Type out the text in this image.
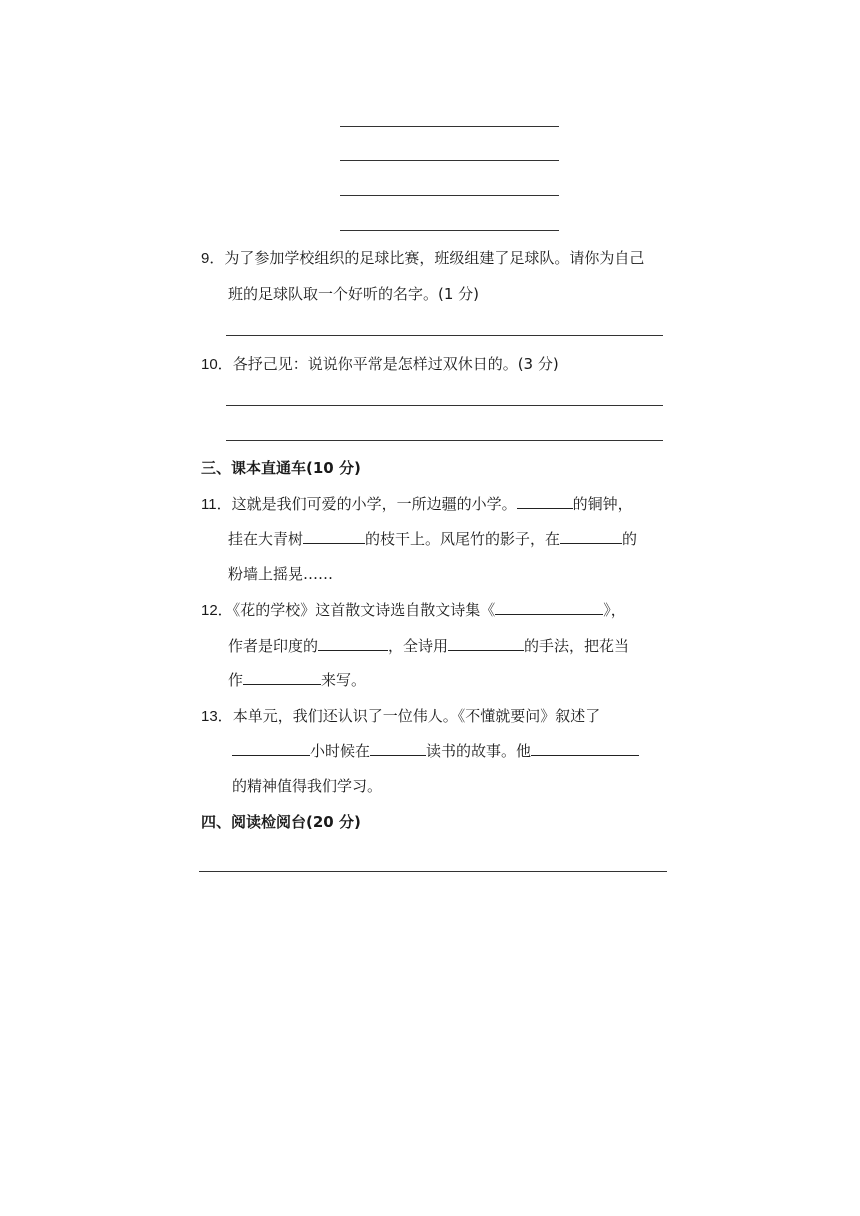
9．为了参加学校组织的足球比赛，班级组建了足球队。请你为自己
班的足球队取一个好听的名字。(1 分)
10．各抒己见：说说你平常是怎样过双休日的。(3 分)
三、课本直通车(10 分)
11．这就是我们可爱的小学，一所边疆的小学。	的铜钟，
挂在大青树	的枝干上。风尾竹的影子，在	的
粉墙上摇晃……
12．《花的学校》这首散文诗选自散文诗集《	》，
作者是印度的	，全诗用	的手法，把花当
作	来写。
13．本单元，我们还认识了一位伟人。《不懂就要问》叙述了
小时候在	读书的故事。他
的精神值得我们学习。
四、阅读检阅台(20 分)
